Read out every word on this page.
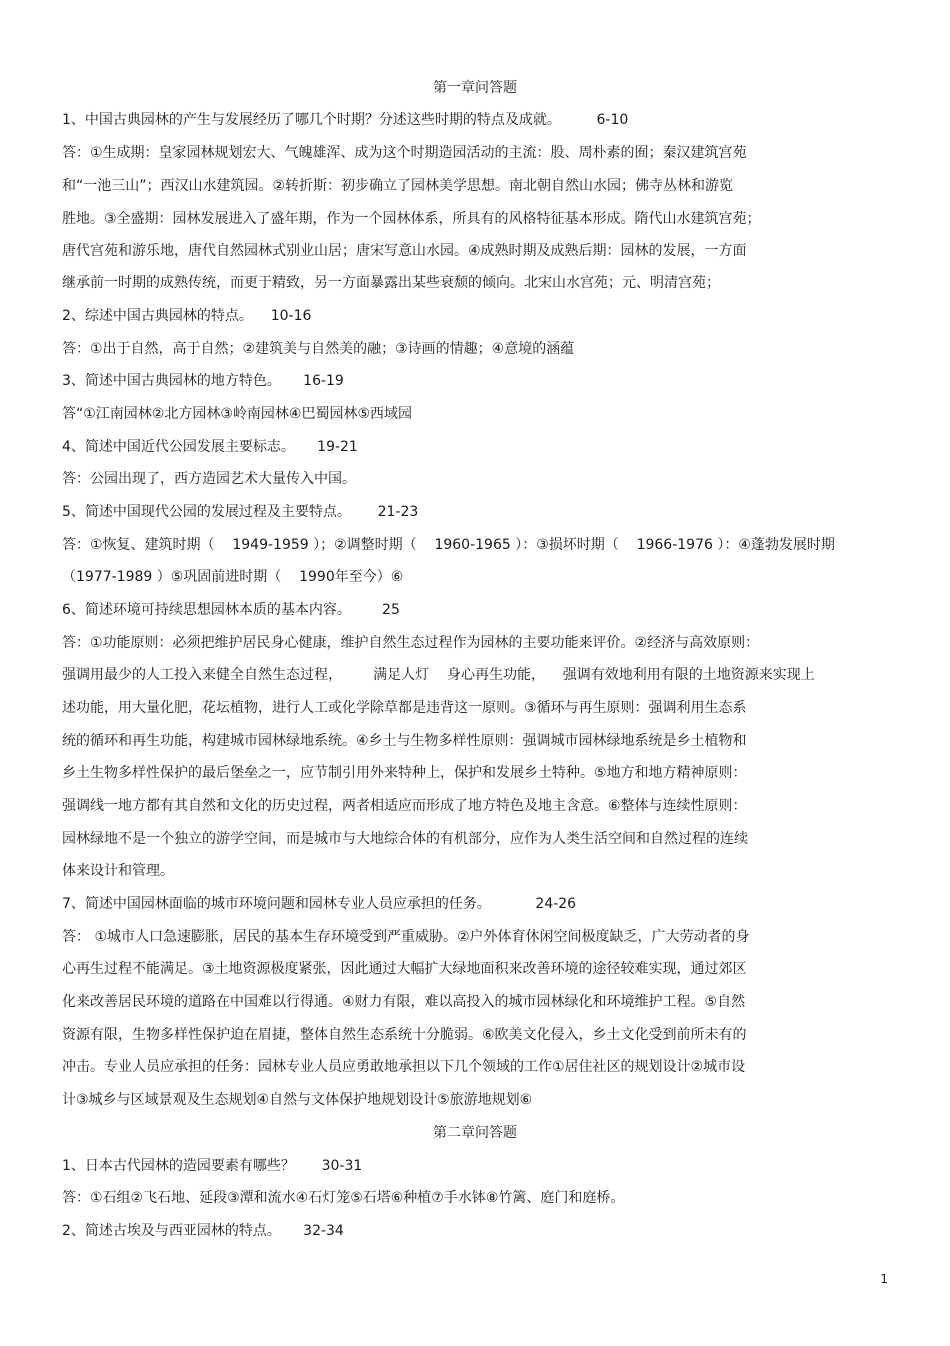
第一章问答题
1、中国古典园林的产生与发展经历了哪几个时期？分述这些时期的特点及成就。        6-10
答：①生成期：皇家园林规划宏大、气魄雄浑、成为这个时期造园活动的主流：股、周朴素的囿；秦汉建筑宫苑
和“一池三山”；西汉山水建筑园。②转折斯：初步确立了园林美学思想。南北朝自然山水园；佛寺丛林和游览
胜地。③全盛期：园林发展进入了盛年期，作为一个园林体系，所具有的风格特征基本形成。隋代山水建筑宫苑；
唐代宫苑和游乐地，唐代自然园林式别业山居；唐宋写意山水园。④成熟时期及成熟后期：园林的发展，一方面
继承前一时期的成熟传统，而更于精致，另一方面暴露出某些衰颓的倾向。北宋山水宫苑；元、明清宫苑；
2、综述中国古典园林的特点。    10-16
答：①出于自然，高于自然；②建筑美与自然美的融；③诗画的情趣；④意境的涵蕴
3、简述中国古典园林的地方特色。     16-19
答“①江南园林②北方园林③岭南园林④巴蜀园林⑤西域园
4、简述中国近代公园发展主要标志。     19-21
答：公园出现了，西方造园艺术大量传入中国。
5、简述中国现代公园的发展过程及主要特点。      21-23
答：①恢复、建筑时期（    1949-1959 ）；②调整时期（    1960-1965 ）：③损坏时期（    1966-1976 ）：④蓬勃发展时期
（1977-1989 ）⑤巩固前进时期（    1990年至今）⑥
6、简述环境可持续思想园林本质的基本内容。       25
答：①功能原则：必须把维护居民身心健康，维护自然生态过程作为园林的主要功能来评价。②经济与高效原则：
强调用最少的人工投入来健全自然生态过程，       满足人灯    身心再生功能，    强调有效地利用有限的土地资源来实现上
述功能，用大量化肥，花坛植物，进行人工或化学除草都是违背这一原则。③循环与再生原则：强调利用生态系
统的循环和再生功能，构建城市园林绿地系统。④乡土与生物多样性原则：强调城市园林绿地系统是乡土植物和
乡土生物多样性保护的最后堡垒之一，应节制引用外来特种上，保护和发展乡土特种。⑤地方和地方精神原则：
强调线一地方都有其自然和文化的历史过程，两者相适应而形成了地方特色及地主含意。⑥整体与连续性原则：
园林绿地不是一个独立的游学空间，而是城市与大地综合体的有机部分，应作为人类生活空间和自然过程的连续
体来设计和管理。
7、简述中国园林面临的城市环境问题和园林专业人员应承担的任务。          24-26
答： ①城市人口急速膨胀，居民的基本生存环境受到严重威胁。②户外体育休闲空间极度缺乏，广大劳动者的身
心再生过程不能满足。③土地资源极度紧张，因此通过大幅扩大绿地面积来改善环境的途径较难实现，通过郊区
化来改善居民环境的道路在中国难以行得通。④财力有限，难以高投入的城市园林绿化和环境维护工程。⑤自然
资源有限，生物多样性保护迫在眉捷，整体自然生态系统十分脆弱。⑥欧美文化侵入，乡土文化受到前所未有的
冲击。专业人员应承担的任务：园林专业人员应勇敢地承担以下几个领域的工作①居住社区的规划设计②城市设
计③城乡与区域景观及生态规划④自然与文体保护地规划设计⑤旅游地规划⑥
第二章问答题
1、日本古代园林的造园要素有哪些？      30-31
答：①石组②飞石地、延段③潭和流水④石灯笼⑤石塔⑥种植⑦手水钵⑧竹篱、庭门和庭桥。
2、简述古埃及与西亚园林的特点。     32-34
1
